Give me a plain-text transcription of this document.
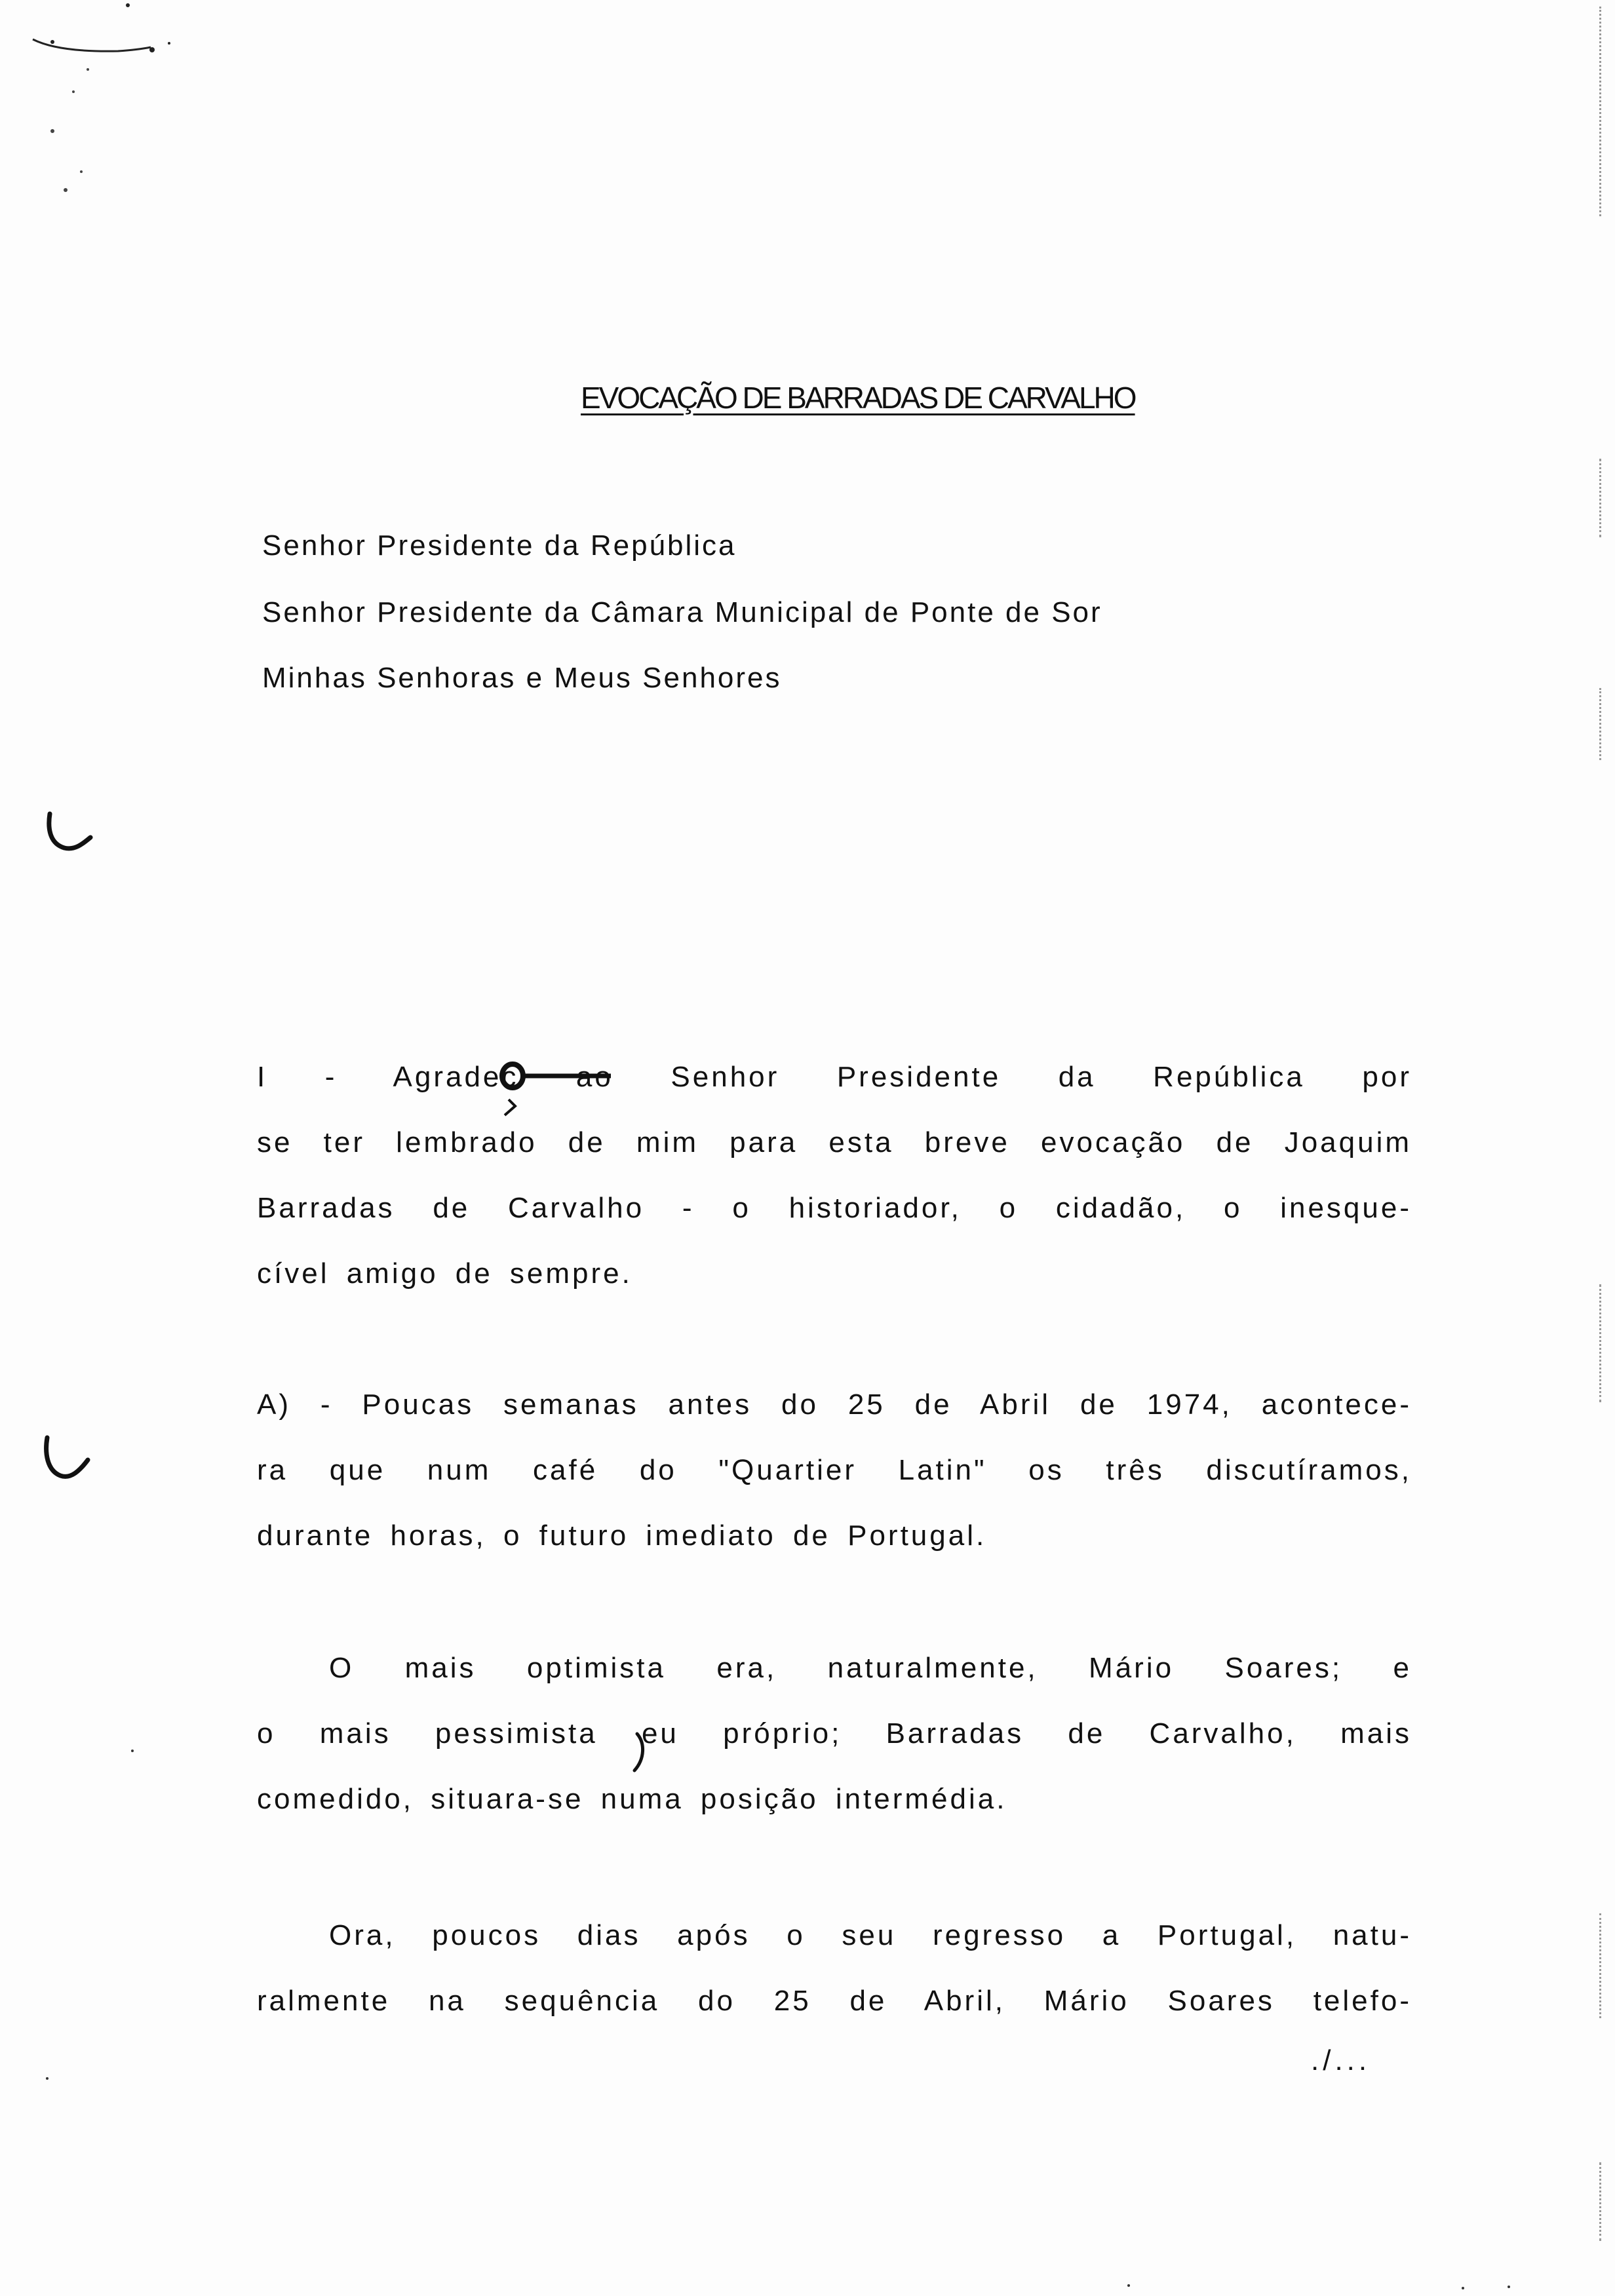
EVOCAÇÃO DE BARRADAS DE CARVALHO
Senhor Presidente da República
Senhor Presidente da Câmara Municipal de Ponte de Sor
Minhas Senhoras e Meus Senhores
I - Agradec ao Senhor Presidente da República por
se ter lembrado de mim para esta breve evocação de Joaquim
Barradas de Carvalho - o historiador, o cidadão, o inesque-
cível amigo de sempre.
A) - Poucas semanas antes do 25 de Abril de 1974, acontece-
ra que num café do "Quartier Latin" os três discutíramos,
durante horas, o futuro imediato de Portugal.
O mais optimista era, naturalmente, Mário Soares; e
o mais pessimista eu próprio; Barradas de Carvalho, mais
comedido, situara-se numa posição intermédia.
Ora, poucos dias após o seu regresso a Portugal, natu-
ralmente na sequência do 25 de Abril, Mário Soares telefo-
./...
